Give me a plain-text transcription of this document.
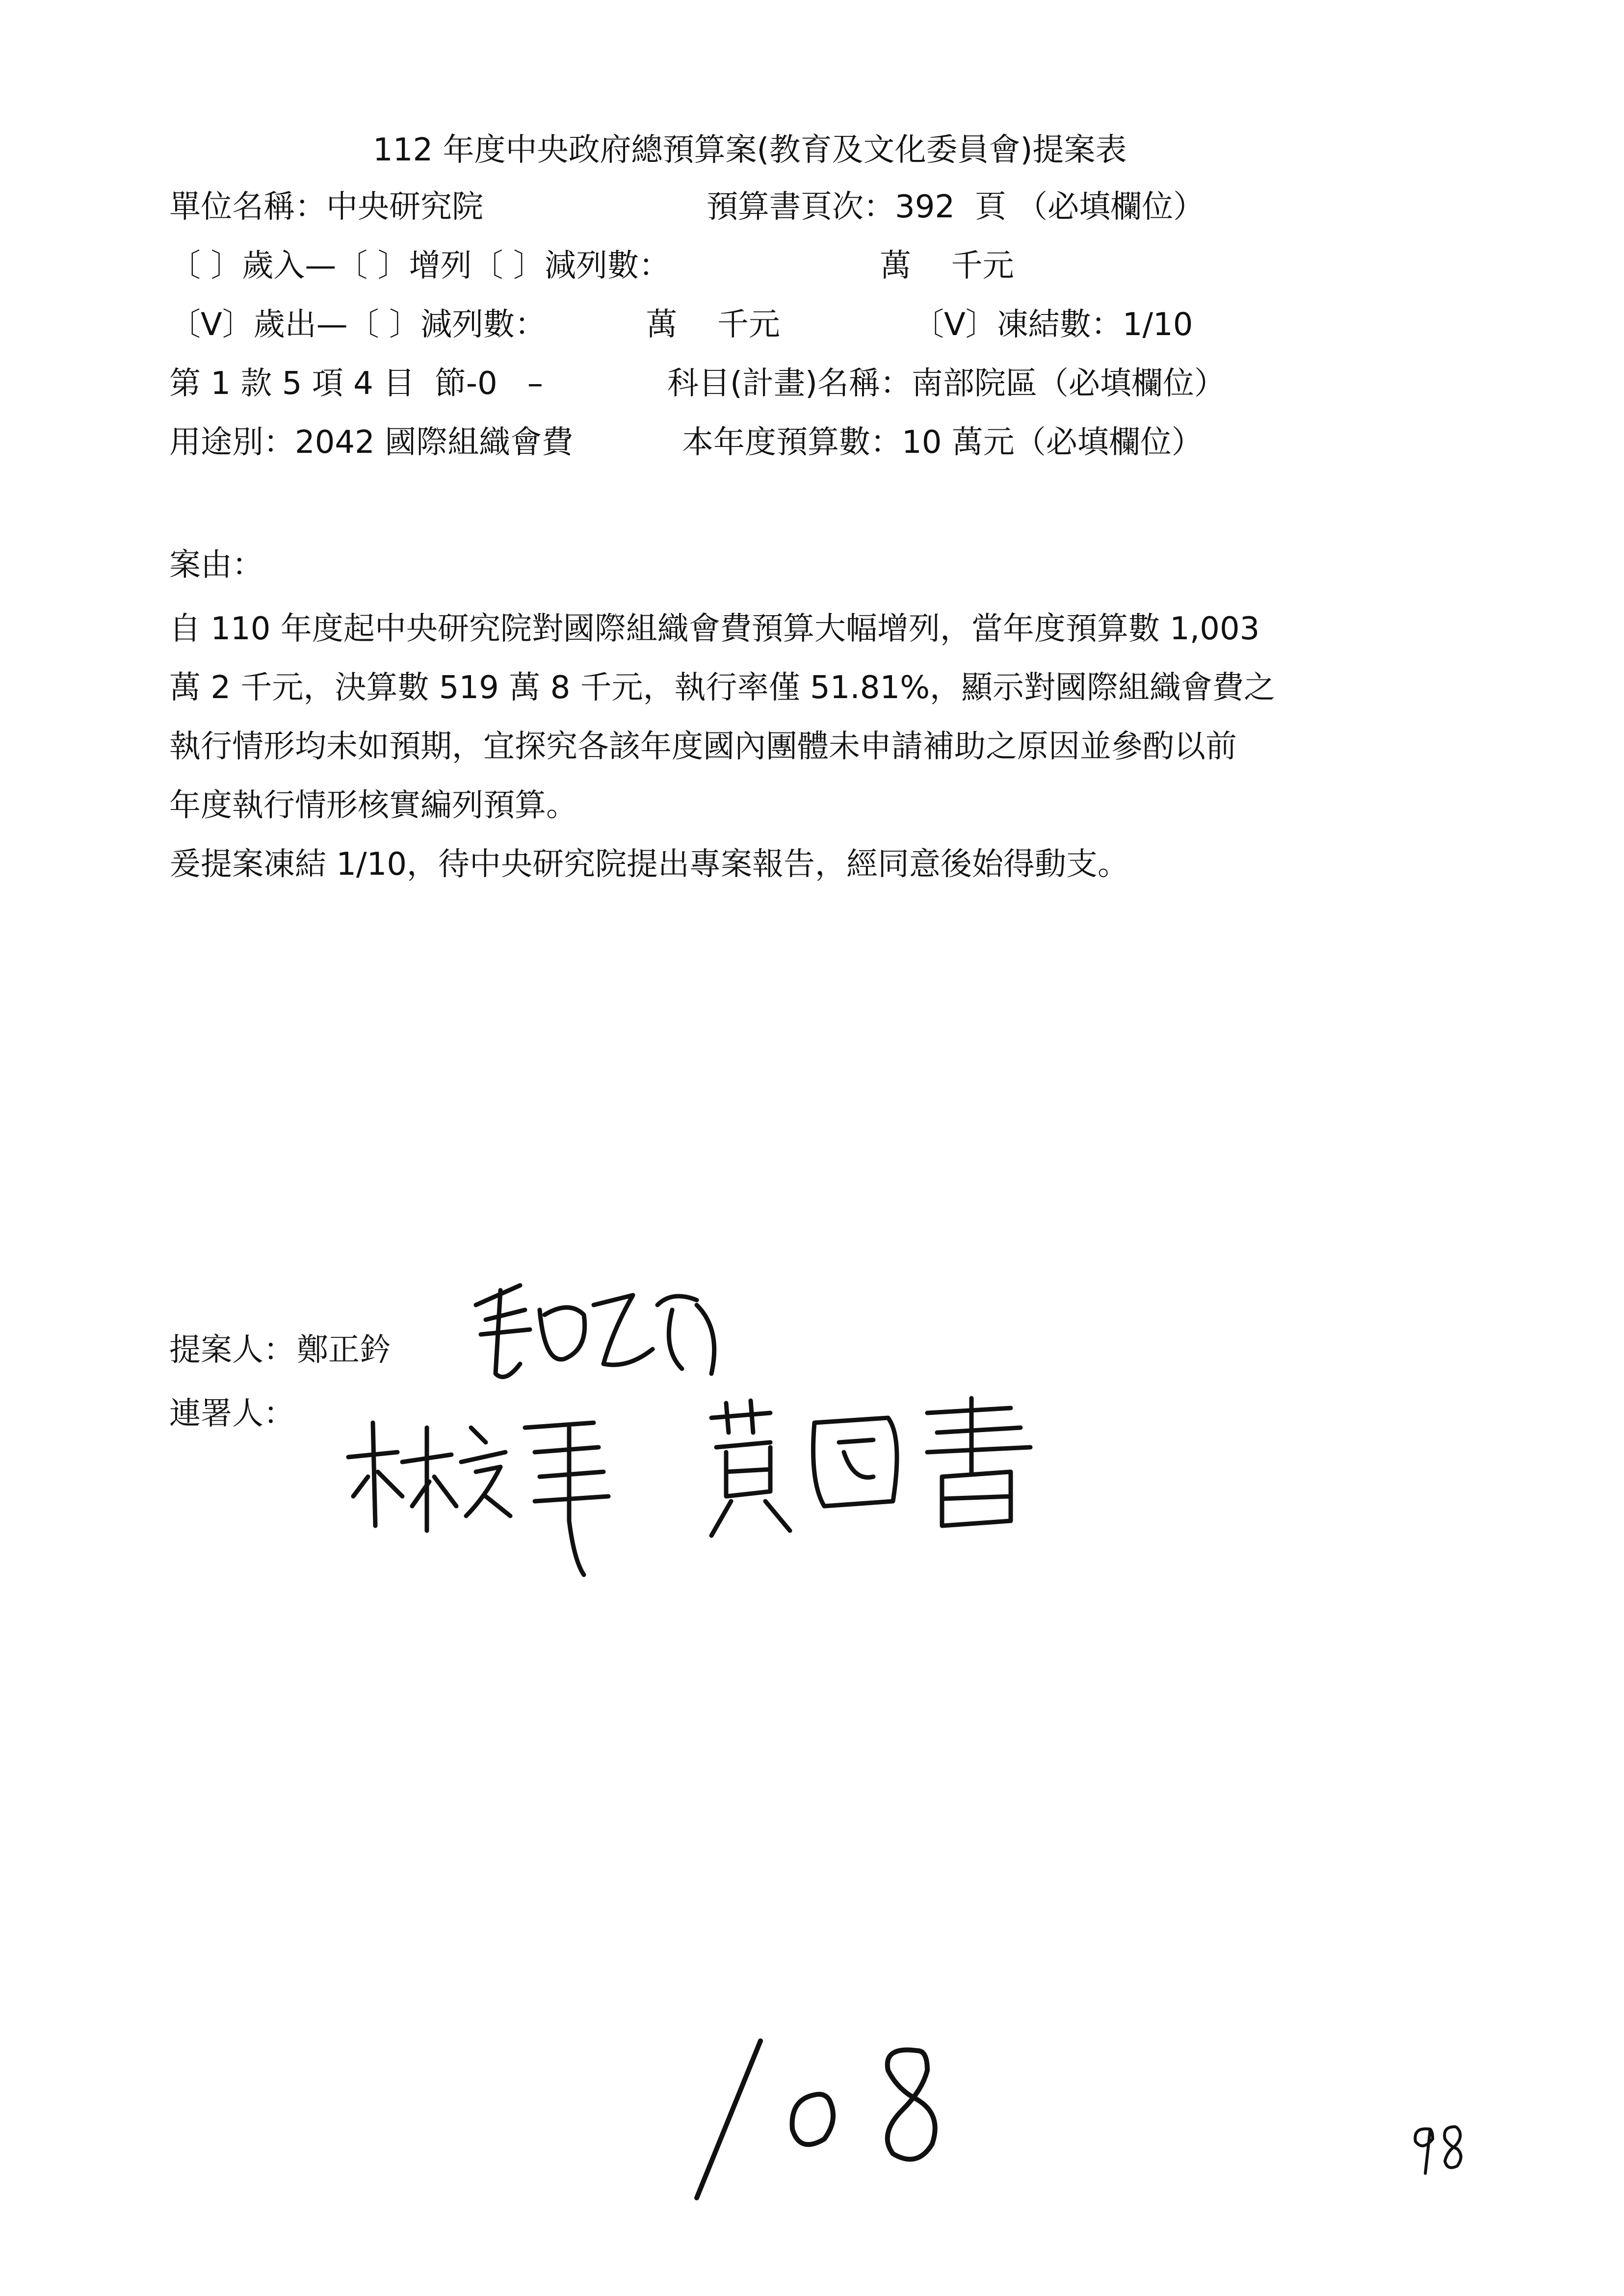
112 年度中央政府總預算案(教育及文化委員會)提案表
單位名稱：中央研究院	預算書頁次：392  頁 （必填欄位）
〔 〕歲入—〔 〕增列〔 〕減列數：                     萬    千元
〔V〕歲出—〔 〕減列數：          萬    千元	〔V〕凍結數：1/10
第 1 款 5 項 4 目  節-0   –	科目(計畫)名稱：南部院區（必填欄位）
用途別：2042 國際組織會費	本年度預算數：10 萬元（必填欄位）
案由：
自 110 年度起中央研究院對國際組織會費預算大幅增列，當年度預算數 1,003
萬 2 千元，決算數 519 萬 8 千元，執行率僅 51.81%，顯示對國際組織會費之
執行情形均未如預期，宜探究各該年度國內團體未申請補助之原因並參酌以前
年度執行情形核實編列預算。
爰提案凍結 1/10，待中央研究院提出專案報告，經同意後始得動支。
提案人： 鄭正鈐
連署人：
